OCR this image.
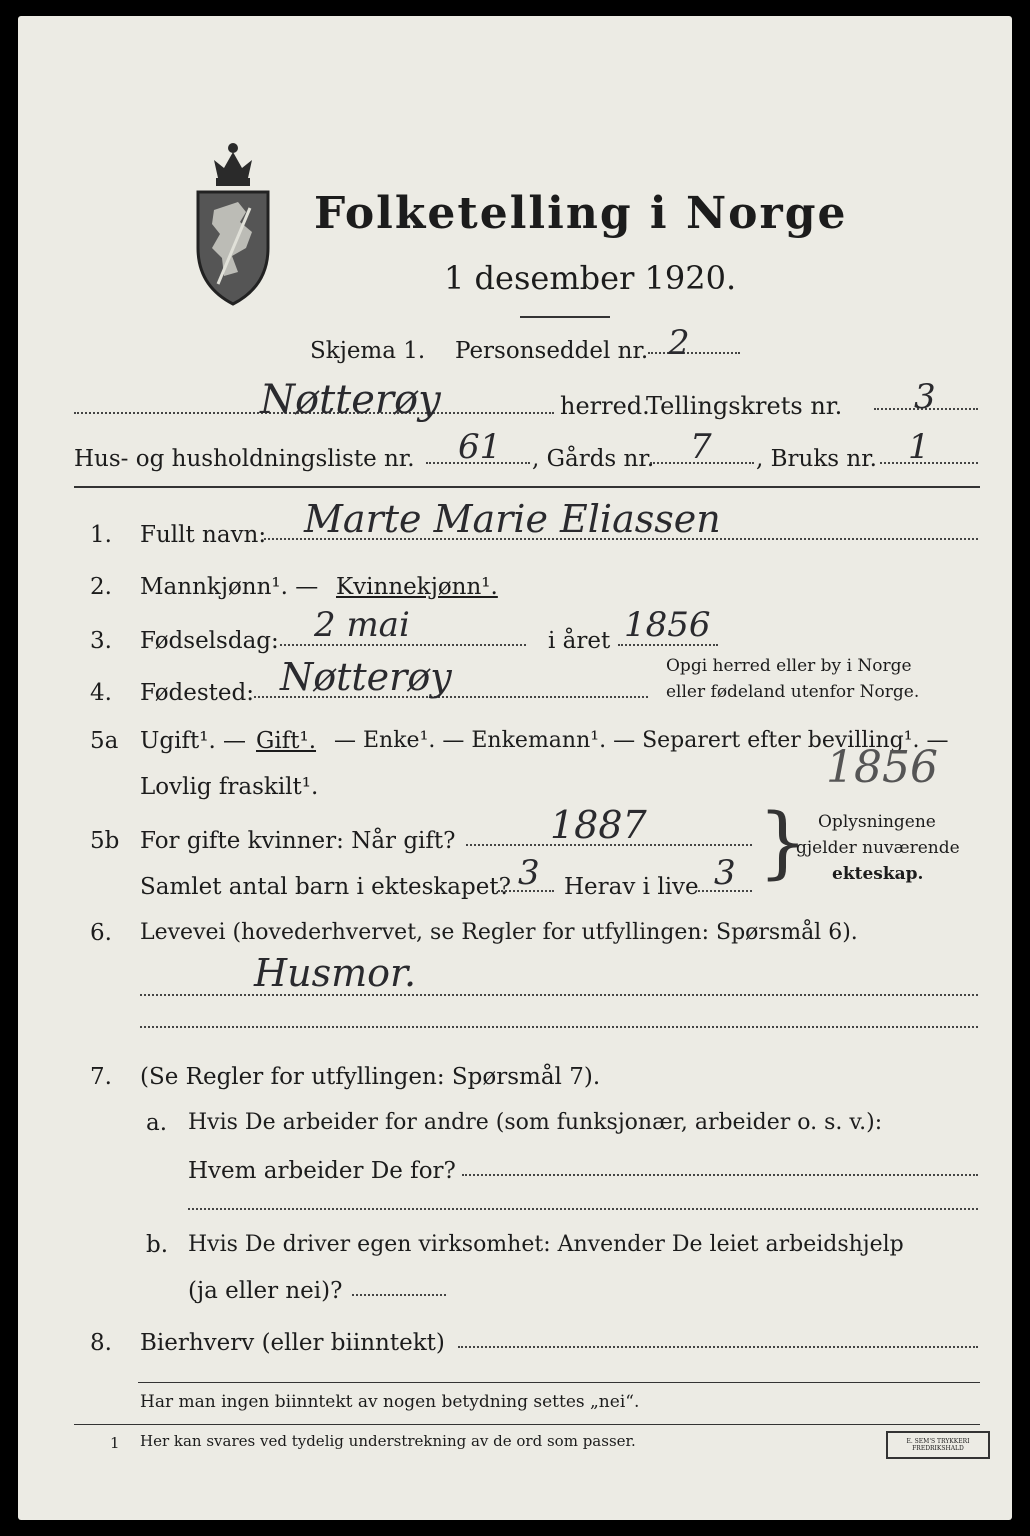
Folketelling i Norge
1 desember 1920.
Skjema 1. Personseddel nr. 2
Nøtterøy	herred.
Tellingskrets nr. 3
Hus- og husholdningsliste nr. 61 , Gårds nr. 7 , Bruks nr. 1
1. Fullt navn: Marte Marie Eliassen
2. Mannkjønn¹. — Kvinnekjønn¹.
3. Fødselsdag: 2 mai	i året 1856
4. Fødested: Nøtterøy	Opgi herred eller by i Norge
eller fødeland utenfor Norge.
5a Ugift¹. — Gift¹. — Enke¹. — Enkemann¹. — Separert efter bevilling¹. —
Lovlig fraskilt¹.	1856
5b For gifte kvinner: Når gift? 1887
Samlet antal barn i ekteskapet? 3 Herav i live 3 } Oplysningene
gjelder nuværende
ekteskap.
6. Levevei (hovederhvervet, se Regler for utfyllingen: Spørsmål 6).
Husmor.
7. (Se Regler for utfyllingen: Spørsmål 7).
a. Hvis De arbeider for andre (som funksjonær, arbeider o. s. v.):
Hvem arbeider De for?
b. Hvis De driver egen virksomhet: Anvender De leiet arbeidshjelp
(ja eller nei)?
8. Bierhverv (eller biinntekt)
Har man ingen biinntekt av nogen betydning settes „nei“.
1 Her kan svares ved tydelig understrekning av de ord som passer.	E. SEM'S TRYKKERI
FREDRIKSHALD
